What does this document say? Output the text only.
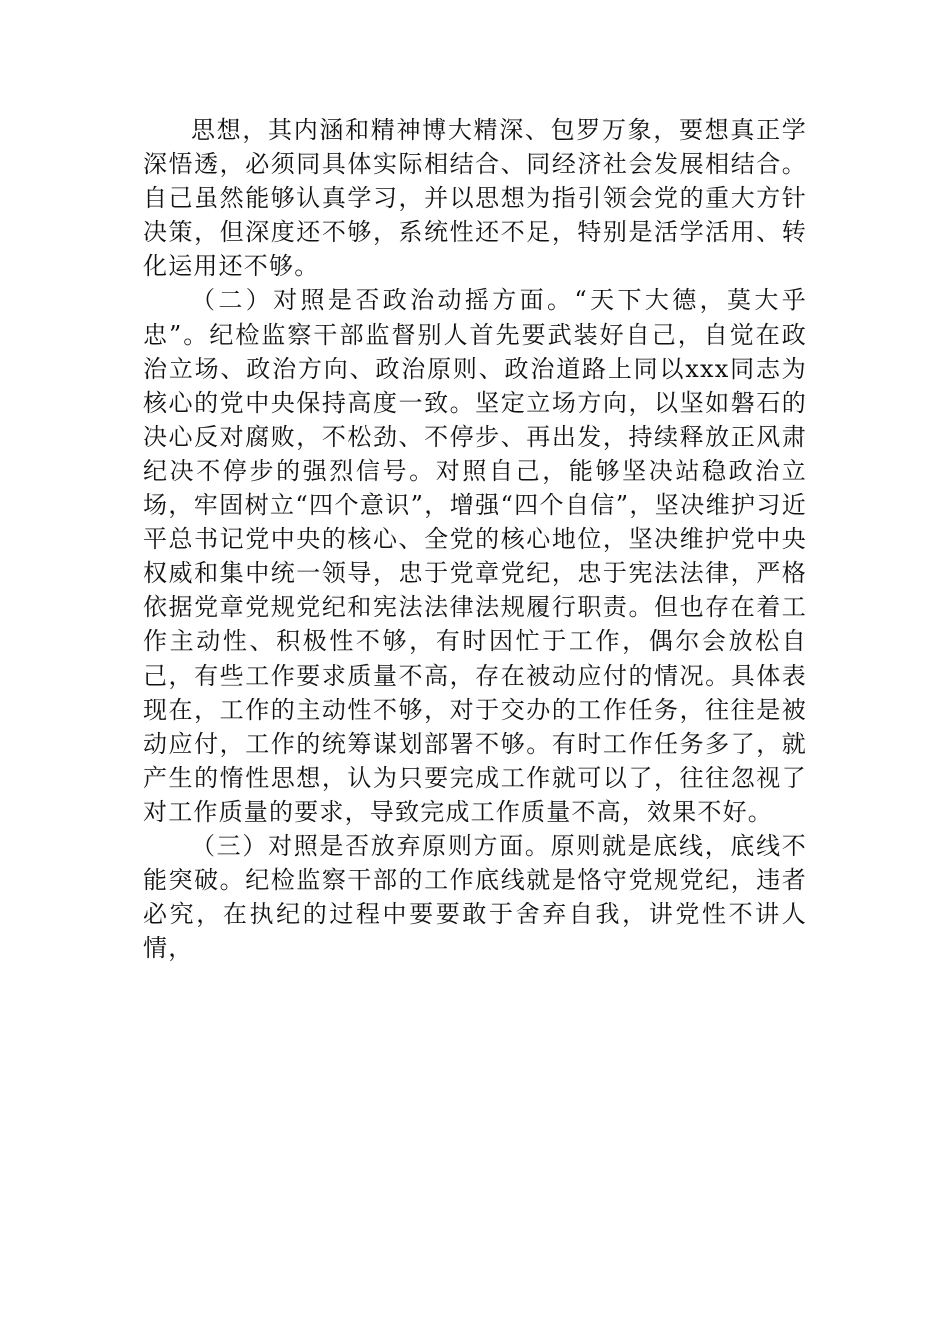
思想，其内涵和精神博大精深、包罗万象，要想真正学深悟透，必须同具体实际相结合、同经济社会发展相结合。自己虽然能够认真学习，并以思想为指引领会党的重大方针决策，但深度还不够，系统性还不足，特别是活学活用、转化运用还不够。

（二）对照是否政治动摇方面。“天下大德，莫大乎忠”。纪检监察干部监督别人首先要武装好自己，自觉在政治立场、政治方向、政治原则、政治道路上同以xxx同志为核心的党中央保持高度一致。坚定立场方向，以坚如磐石的决心反对腐败，不松劲、不停步、再出发，持续释放正风肃纪决不停步的强烈信号。对照自己，能够坚决站稳政治立场，牢固树立“四个意识”，增强“四个自信”，坚决维护习近平总书记党中央的核心、全党的核心地位，坚决维护党中央权威和集中统一领导，忠于党章党纪，忠于宪法法律，严格依据党章党规党纪和宪法法律法规履行职责。但也存在着工作主动性、积极性不够，有时因忙于工作，偶尔会放松自己，有些工作要求质量不高，存在被动应付的情况。具体表现在，工作的主动性不够，对于交办的工作任务，往往是被动应付，工作的统筹谋划部署不够。有时工作任务多了，就产生的惰性思想，认为只要完成工作就可以了，往往忽视了对工作质量的要求，导致完成工作质量不高，效果不好。

（三）对照是否放弃原则方面。原则就是底线，底线不能突破。纪检监察干部的工作底线就是恪守党规党纪，违者必究，在执纪的过程中要要敢于舍弃自我，讲党性不讲人情，
